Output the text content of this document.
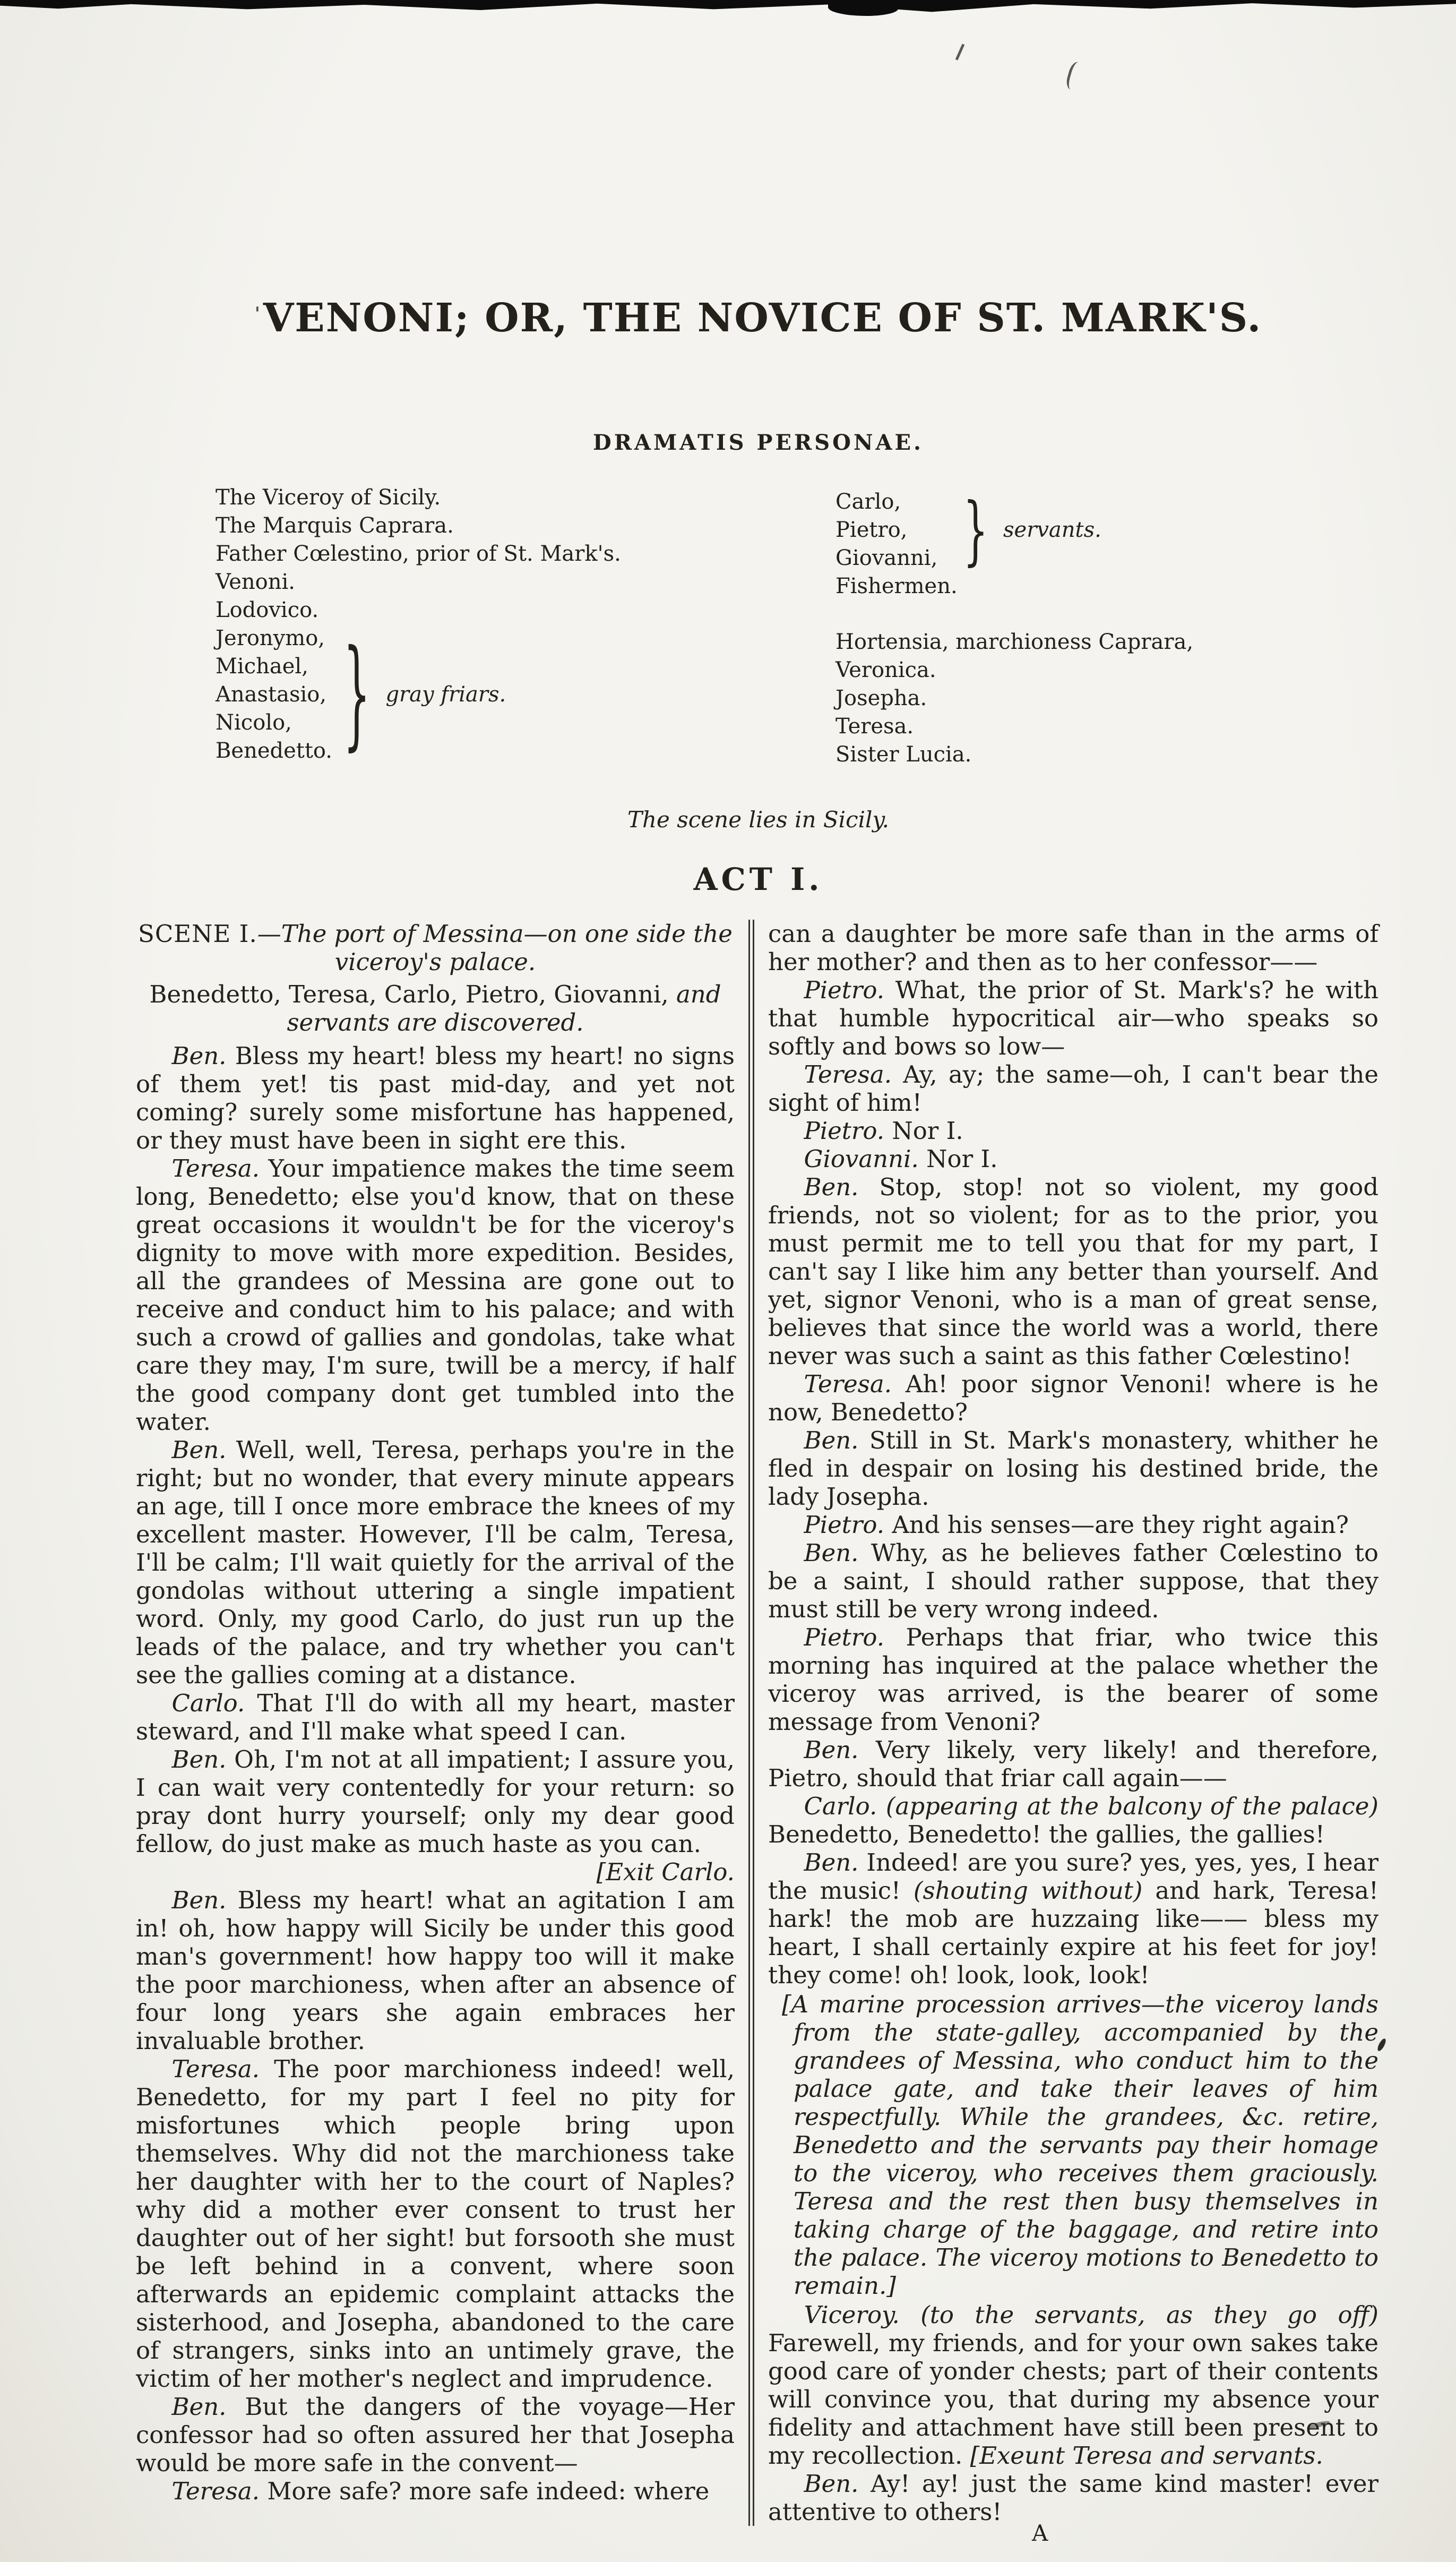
'VENONI; OR, THE NOVICE OF ST. MARK'S.
DRAMATIS PERSONAE.
The Viceroy of Sicily.
The Marquis Caprara.
Father Cœlestino, prior of St. Mark's.
Venoni.
Lodovico.
Jeronymo,
Michael,
Anastasio,
Nicolo,
Benedetto. } gray friars.
Carlo,
Pietro,
Giovanni, } servants.
Fishermen.
Hortensia, marchioness Caprara,
Veronica.
Josepha.
Teresa.
Sister Lucia.
The scene lies in Sicily.
ACT I.

SCENE I.—The port of Messina—on one side the viceroy's palace.

Benedetto, Teresa, Carlo, Pietro, Giovanni, and servants are discovered.

Ben. Bless my heart! bless my heart! no signs of them yet! tis past mid-day, and yet not coming? surely some misfortune has happened, or they must have been in sight ere this.

Teresa. Your impatience makes the time seem long, Benedetto; else you'd know, that on these great occasions it wouldn't be for the viceroy's dignity to move with more expedition. Besides, all the grandees of Messina are gone out to receive and conduct him to his palace; and with such a crowd of gallies and gondolas, take what care they may, I'm sure, twill be a mercy, if half the good company dont get tumbled into the water.

Ben. Well, well, Teresa, perhaps you're in the right; but no wonder, that every minute appears an age, till I once more embrace the knees of my excellent master. However, I'll be calm, Teresa, I'll be calm; I'll wait quietly for the arrival of the gondolas without uttering a single impatient word. Only, my good Carlo, do just run up the leads of the palace, and try whether you can't see the gallies coming at a distance.

Carlo. That I'll do with all my heart, master steward, and I'll make what speed I can.

Ben. Oh, I'm not at all impatient; I assure you, I can wait very contentedly for your return: so pray dont hurry yourself; only my dear good fellow, do just make as much haste as you can.
[Exit Carlo.

Ben. Bless my heart! what an agitation I am in! oh, how happy will Sicily be under this good man's government! how happy too will it make the poor marchioness, when after an absence of four long years she again embraces her invaluable brother.

Teresa. The poor marchioness indeed! well, Benedetto, for my part I feel no pity for misfortunes which people bring upon themselves. Why did not the marchioness take her daughter with her to the court of Naples? why did a mother ever consent to trust her daughter out of her sight! but forsooth she must be left behind in a convent, where soon afterwards an epidemic complaint attacks the sisterhood, and Josepha, abandoned to the care of strangers, sinks into an untimely grave, the victim of her mother's neglect and imprudence.

Ben. But the dangers of the voyage—Her confessor had so often assured her that Josepha would be more safe in the convent—

Teresa. More safe? more safe indeed: where

can a daughter be more safe than in the arms of her mother? and then as to her confessor——

Pietro. What, the prior of St. Mark's? he with that humble hypocritical air—who speaks so softly and bows so low—

Teresa. Ay, ay; the same—oh, I can't bear the sight of him!

Pietro. Nor I.

Giovanni. Nor I.

Ben. Stop, stop! not so violent, my good friends, not so violent; for as to the prior, you must permit me to tell you that for my part, I can't say I like him any better than yourself. And yet, signor Venoni, who is a man of great sense, believes that since the world was a world, there never was such a saint as this father Cœlestino!

Teresa. Ah! poor signor Venoni! where is he now, Benedetto?

Ben. Still in St. Mark's monastery, whither he fled in despair on losing his destined bride, the lady Josepha.

Pietro. And his senses—are they right again?

Ben. Why, as he believes father Cœlestino to be a saint, I should rather suppose, that they must still be very wrong indeed.

Pietro. Perhaps that friar, who twice this morning has inquired at the palace whether the viceroy was arrived, is the bearer of some message from Venoni?

Ben. Very likely, very likely! and therefore, Pietro, should that friar call again——

Carlo. (appearing at the balcony of the palace) Benedetto, Benedetto! the gallies, the gallies!

Ben. Indeed! are you sure? yes, yes, yes, I hear the music! (shouting without) and hark, Teresa! hark! the mob are huzzaing like—— bless my heart, I shall certainly expire at his feet for joy! they come! oh! look, look, look!

[A marine procession arrives—the viceroy lands from the state-galley, accompanied by the grandees of Messina, who conduct him to the palace gate, and take their leaves of him respectfully. While the grandees, &c. retire, Benedetto and the servants pay their homage to the viceroy, who receives them graciously. Teresa and the rest then busy themselves in taking charge of the baggage, and retire into the palace. The viceroy motions to Benedetto to remain.]

Viceroy. (to the servants, as they go off) Farewell, my friends, and for your own sakes take good care of yonder chests; part of their contents will convince you, that during my absence your fidelity and attachment have still been present to my recollection. [Exeunt Teresa and servants.

Ben. Ay! ay! just the same kind master! ever attentive to others!

A
